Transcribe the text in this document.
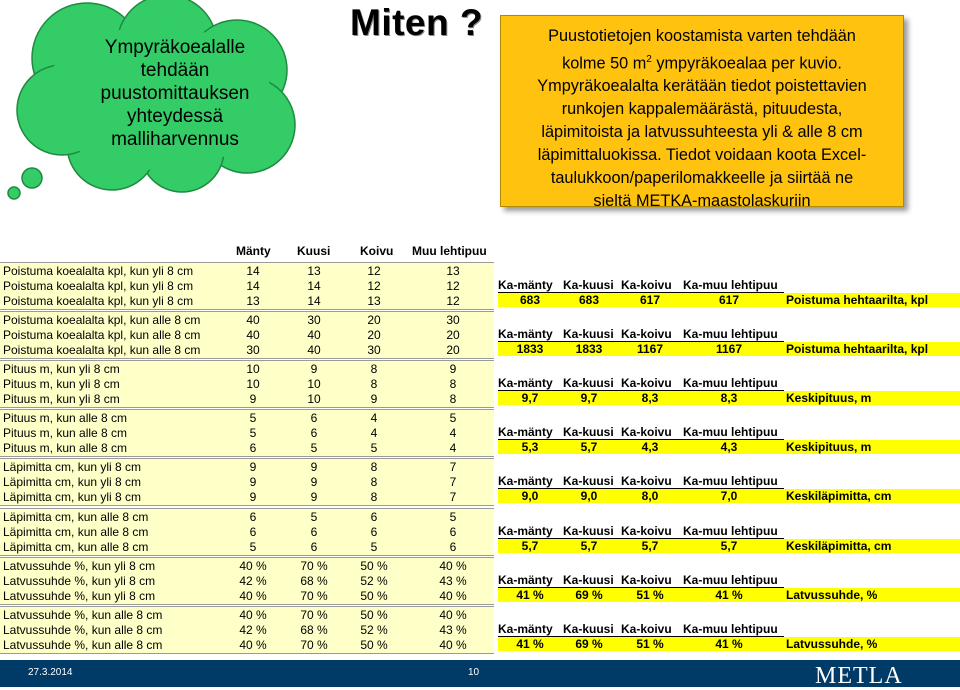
Ympyräkoealalle
tehdään
puustomittauksen
yhteydessä
malliharvennus
Miten ?	Puustotietojen koostamista varten tehdään
kolme 50 $m^2$ ympyräkoealaa per kuvio.
Ympyräkoealalta kerätään tiedot poistettavien
runkojen kappalemäärästä, pituudesta,
läpimitoista ja latvussuhteesta yli & alle 8 cm
läpimittaluokissa. Tiedot voidaan koota Excel-
taulukkoon/paperilomakkeelle ja siirtää ne
sieltä METKA-maastolaskuriin
Mänty Kuusi Koivu Muu lehtipuu
Poistuma koealalta kpl, kun yli 8 cm	14	13	12	13
Poistuma koealalta kpl, kun yli 8 cm	14	14	12	12
Poistuma koealalta kpl, kun yli 8 cm	13	14	13	12
Ka-mänty Ka-kuusi Ka-koivu Ka-muu lehtipuu
683	683	617	617	Poistuma hehtaarilta, kpl
Poistuma koealalta kpl, kun alle 8 cm	40	30	20	30
Poistuma koealalta kpl, kun alle 8 cm	40	40	20	20
Poistuma koealalta kpl, kun alle 8 cm	30	40	30	20
Ka-mänty Ka-kuusi Ka-koivu Ka-muu lehtipuu
1833	1833	1167	1167	Poistuma hehtaarilta, kpl
Pituus m, kun yli 8 cm	10	9	8	9
Pituus m, kun yli 8 cm	10	10	8	8
Pituus m, kun yli 8 cm	9	10	9	8
Ka-mänty Ka-kuusi Ka-koivu Ka-muu lehtipuu
9,7	9,7	8,3	8,3	Keskipituus, m
Pituus m, kun alle 8 cm	5	6	4	5
Pituus m, kun alle 8 cm	5	6	4	4
Pituus m, kun alle 8 cm	6	5	5	4
Ka-mänty Ka-kuusi Ka-koivu Ka-muu lehtipuu
5,3	5,7	4,3	4,3	Keskipituus, m
Läpimitta cm, kun yli 8 cm	9	9	8	7
Läpimitta cm, kun yli 8 cm	9	9	8	7
Läpimitta cm, kun yli 8 cm	9	9	8	7
Ka-mänty Ka-kuusi Ka-koivu Ka-muu lehtipuu
9,0	9,0	8,0	7,0	Keskiläpimitta, cm
Läpimitta cm, kun alle 8 cm	6	5	6	5
Läpimitta cm, kun alle 8 cm	6	6	6	6
Läpimitta cm, kun alle 8 cm	5	6	5	6
Ka-mänty Ka-kuusi Ka-koivu Ka-muu lehtipuu
5,7	5,7	5,7	5,7	Keskiläpimitta, cm
Latvussuhde %, kun yli 8 cm	40 %	70 %	50 %	40 %
Latvussuhde %, kun yli 8 cm	42 %	68 %	52 %	43 %
Latvussuhde %, kun yli 8 cm	40 %	70 %	50 %	40 %
Ka-mänty Ka-kuusi Ka-koivu Ka-muu lehtipuu
41 %	69 %	51 %	41 %	Latvussuhde, %
Latvussuhde %, kun alle 8 cm	40 %	70 %	50 %	40 %
Latvussuhde %, kun alle 8 cm	42 %	68 %	52 %	43 %
Latvussuhde %, kun alle 8 cm	40 %	70 %	50 %	40 %
Ka-mänty Ka-kuusi Ka-koivu Ka-muu lehtipuu
41 %	69 %	51 %	41 %	Latvussuhde, %
27.3.2014	10	METLA
